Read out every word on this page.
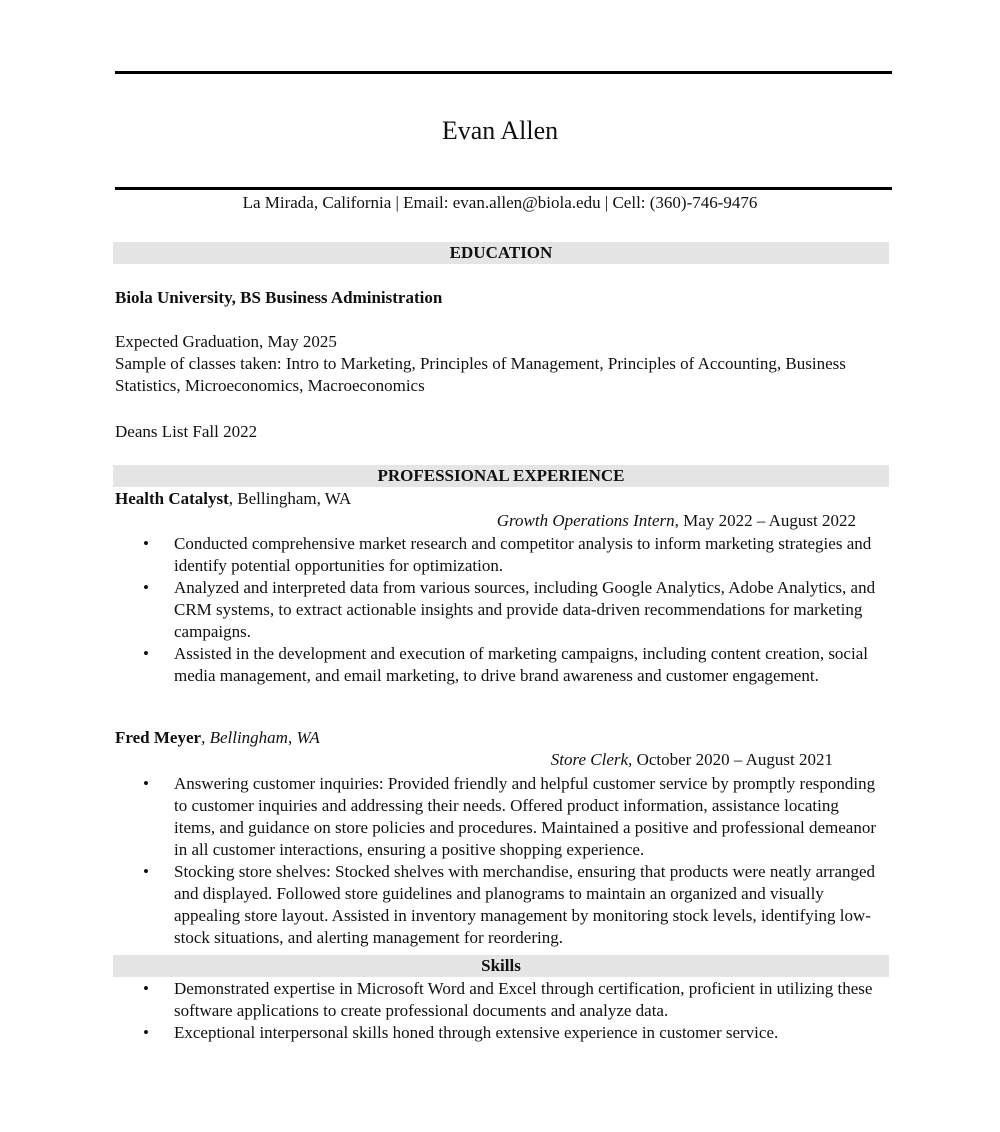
Evan Allen
La Mirada, California | Email: evan.allen@biola.edu | Cell: (360)-746-9476
EDUCATION
Biola University, BS Business Administration
Expected Graduation, May 2025
Sample of classes taken: Intro to Marketing, Principles of Management, Principles of Accounting, Business Statistics, Microeconomics, Macroeconomics
Deans List Fall 2022
PROFESSIONAL EXPERIENCE
Health Catalyst, Bellingham, WA
Growth Operations Intern, May 2022 – August 2022
• Conducted comprehensive market research and competitor analysis to inform marketing strategies and identify potential opportunities for optimization.
• Analyzed and interpreted data from various sources, including Google Analytics, Adobe Analytics, and CRM systems, to extract actionable insights and provide data-driven recommendations for marketing campaigns.
• Assisted in the development and execution of marketing campaigns, including content creation, social media management, and email marketing, to drive brand awareness and customer engagement.
Fred Meyer, Bellingham, WA
Store Clerk, October 2020 – August 2021
• Answering customer inquiries: Provided friendly and helpful customer service by promptly responding to customer inquiries and addressing their needs. Offered product information, assistance locating items, and guidance on store policies and procedures. Maintained a positive and professional demeanor in all customer interactions, ensuring a positive shopping experience.
• Stocking store shelves: Stocked shelves with merchandise, ensuring that products were neatly arranged and displayed. Followed store guidelines and planograms to maintain an organized and visually appealing store layout. Assisted in inventory management by monitoring stock levels, identifying low-stock situations, and alerting management for reordering.
Skills
• Demonstrated expertise in Microsoft Word and Excel through certification, proficient in utilizing these software applications to create professional documents and analyze data.
• Exceptional interpersonal skills honed through extensive experience in customer service.
